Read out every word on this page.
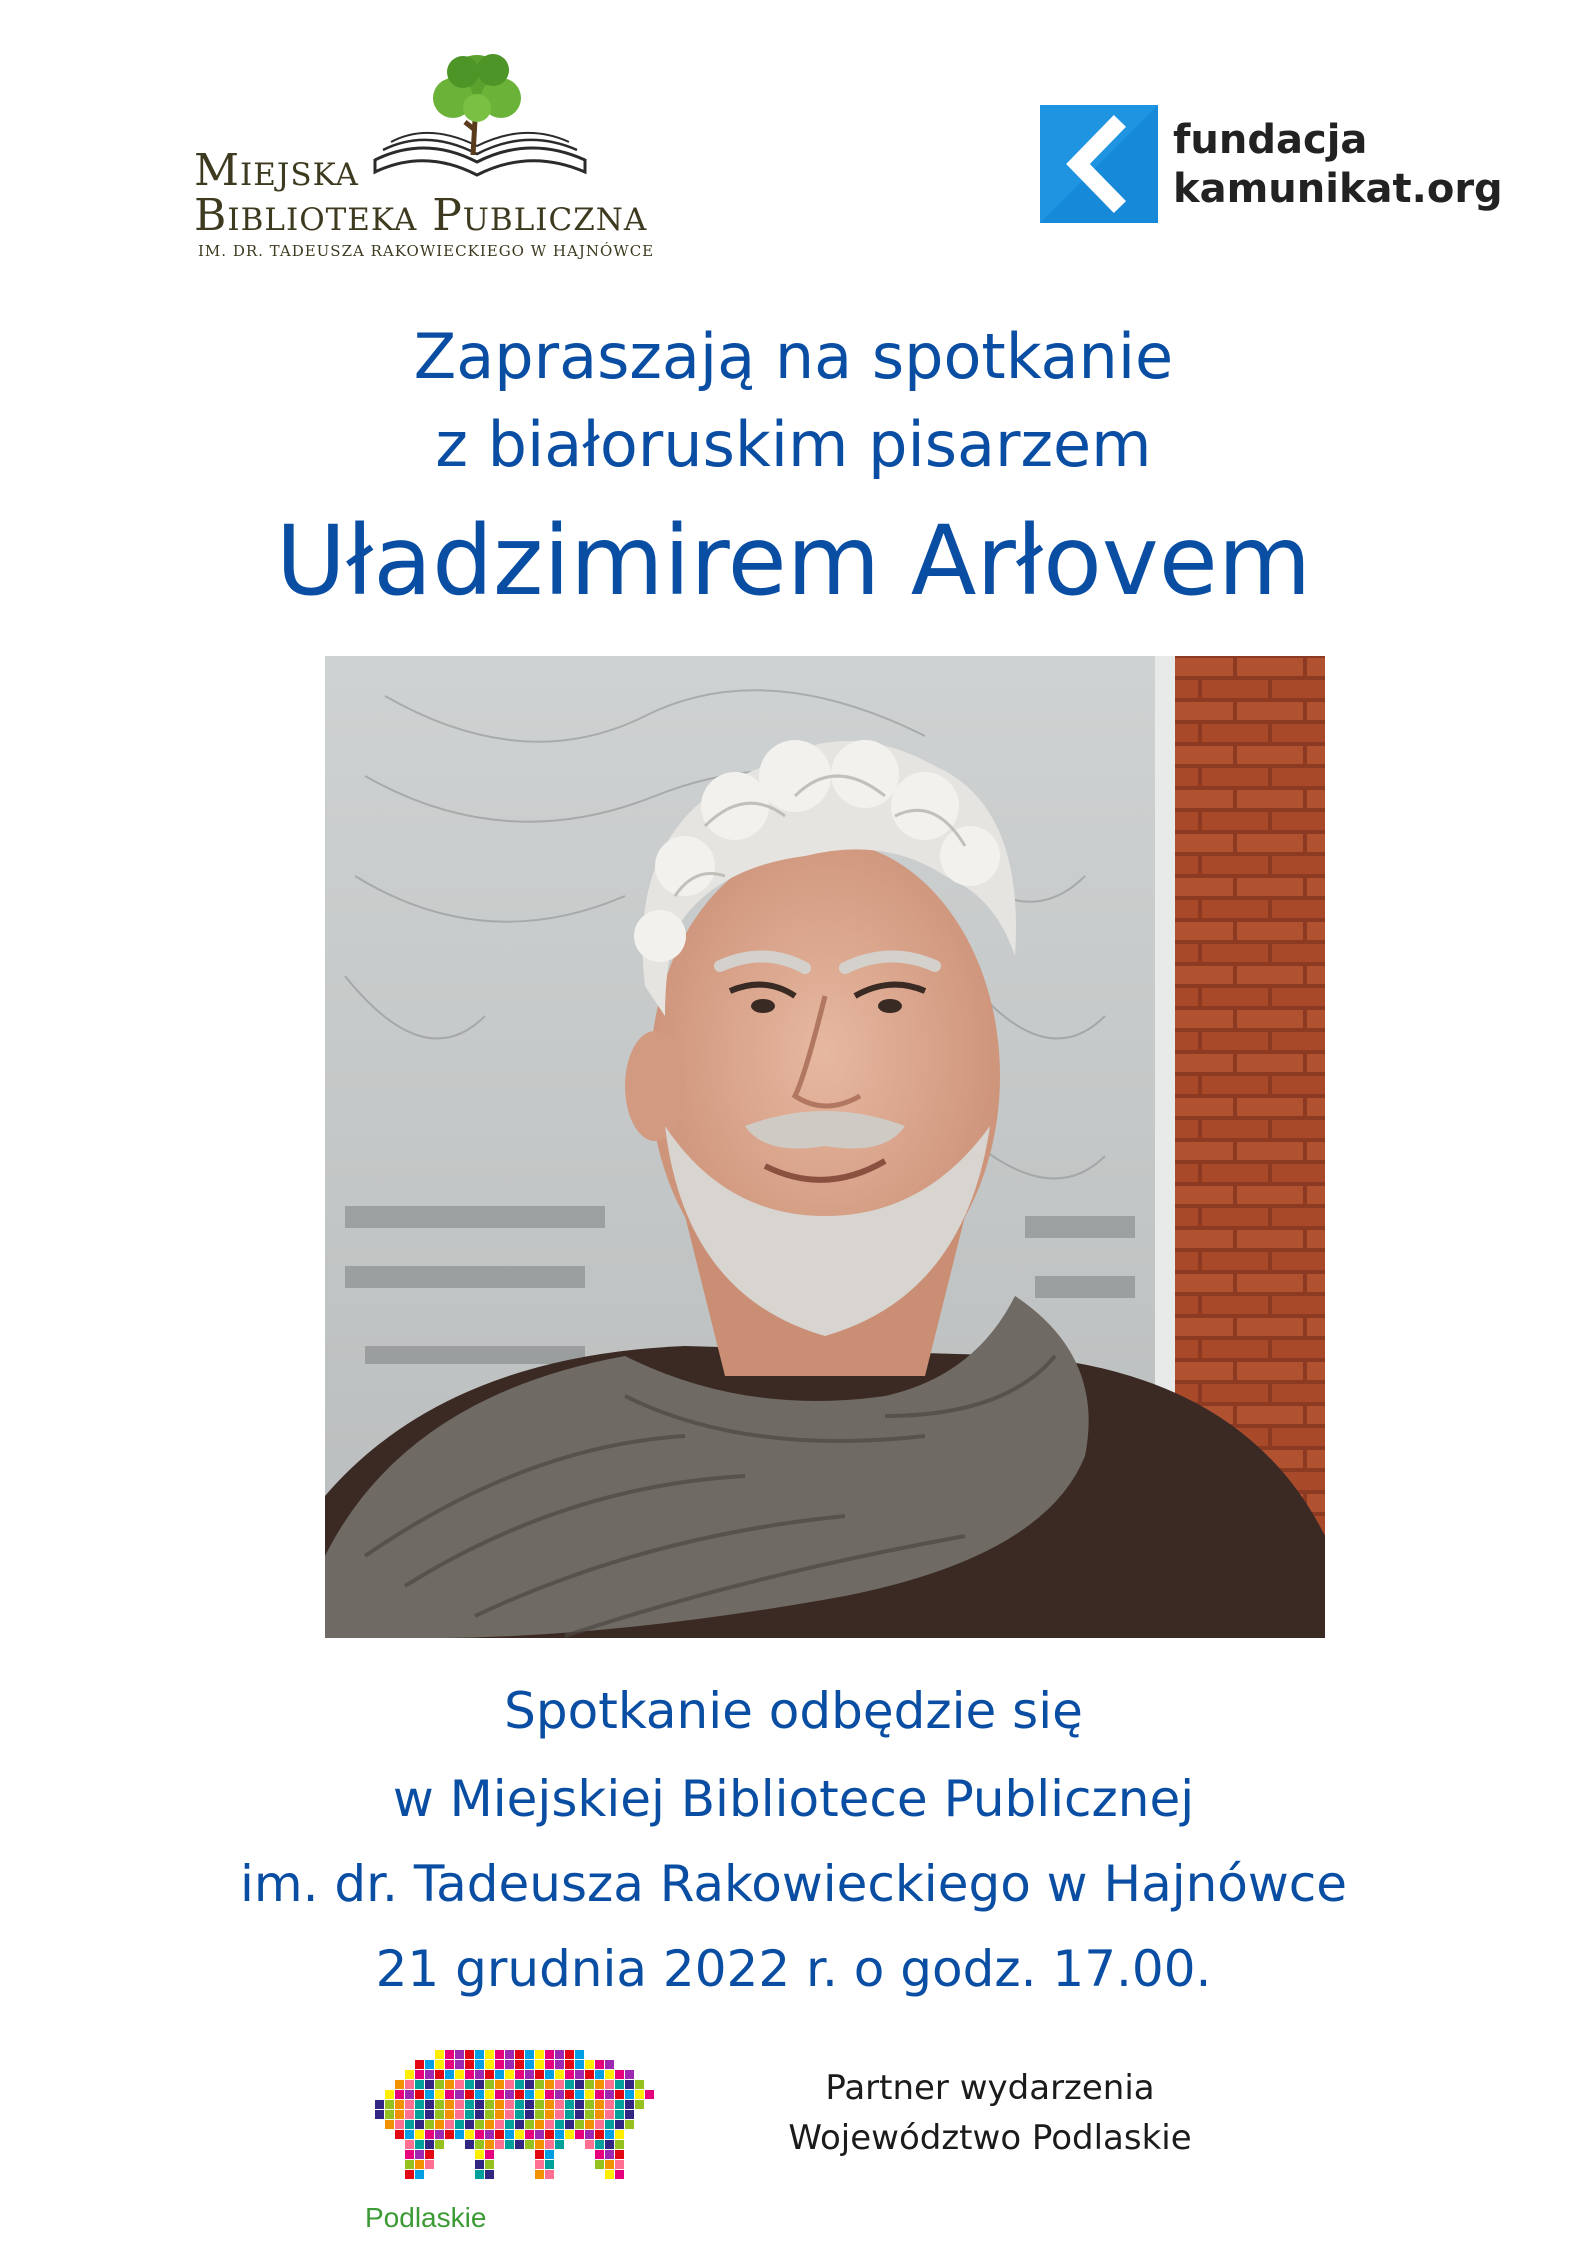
Miejska
Biblioteka Publiczna
IM. DR. TADEUSZA RAKOWIECKIEGO W HAJNÓWCE
fundacja
kamunikat.org
Zapraszają na spotkanie
z białoruskim pisarzem
Uładzimirem Arłovem
Spotkanie odbędzie się
w Miejskiej Bibliotece Publicznej
im. dr. Tadeusza Rakowieckiego w Hajnówce
21 grudnia 2022 r. o godz. 17.00.
Podlaskie
Partner wydarzenia
Województwo Podlaskie
